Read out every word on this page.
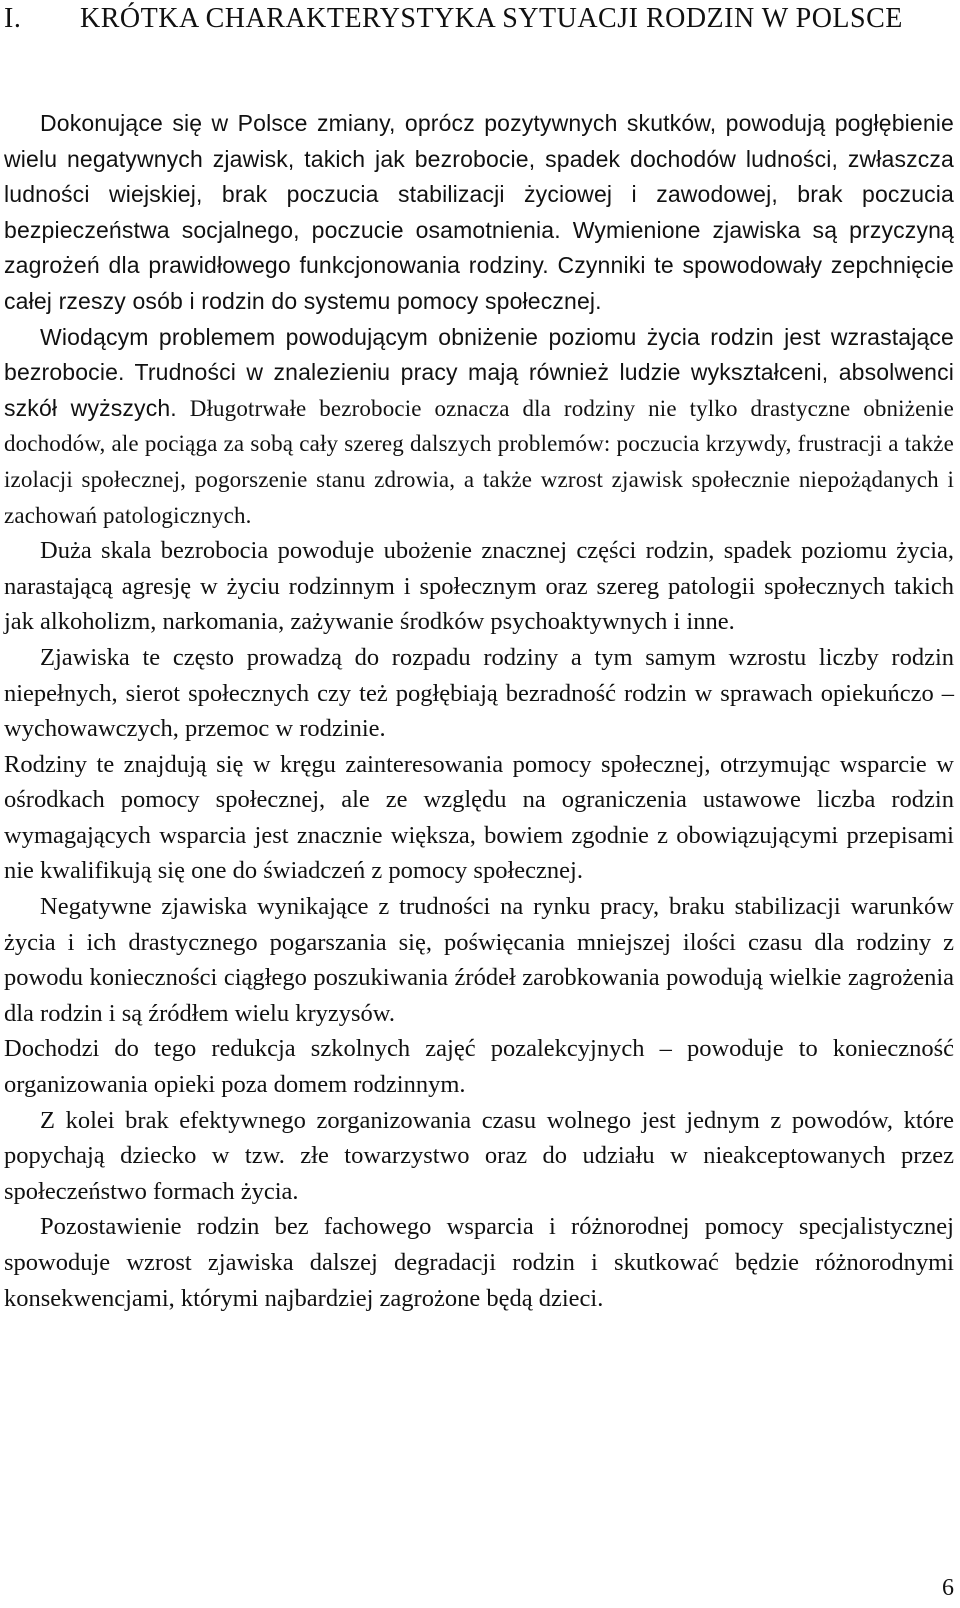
I. KRÓTKA CHARAKTERYSTYKA SYTUACJI RODZIN W POLSCE

Dokonujące się w Polsce zmiany, oprócz pozytywnych skutków, powodują pogłębienie wielu negatywnych zjawisk, takich jak bezrobocie, spadek dochodów ludności, zwłaszcza ludności wiejskiej, brak poczucia stabilizacji życiowej i zawodowej, brak poczucia bezpieczeństwa socjalnego, poczucie osamotnienia. Wymienione zjawiska są przyczyną zagrożeń dla prawidłowego funkcjonowania rodziny. Czynniki te spowodowały zepchnięcie całej rzeszy osób i rodzin do systemu pomocy społecznej.

Wiodącym problemem powodującym obniżenie poziomu życia rodzin jest wzrastające bezrobocie. Trudności w znalezieniu pracy mają również ludzie wykształceni, absolwenci szkół wyższych. Długotrwałe bezrobocie oznacza dla rodziny nie tylko drastyczne obniżenie dochodów, ale pociąga za sobą cały szereg dalszych problemów: poczucia krzywdy, frustracji a także izolacji społecznej, pogorszenie stanu zdrowia, a także wzrost zjawisk społecznie niepożądanych i zachowań patologicznych.

Duża skala bezrobocia powoduje ubożenie znacznej części rodzin, spadek poziomu życia, narastającą agresję w życiu rodzinnym i społecznym oraz szereg patologii społecznych takich jak alkoholizm, narkomania, zażywanie środków psychoaktywnych i inne.

Zjawiska te często prowadzą do rozpadu rodziny a tym samym wzrostu liczby rodzin niepełnych, sierot społecznych czy też pogłębiają bezradność rodzin w sprawach opiekuńczo – wychowawczych, przemoc w rodzinie.

Rodziny te znajdują się w kręgu zainteresowania pomocy społecznej, otrzymując wsparcie w ośrodkach pomocy społecznej, ale ze względu na ograniczenia ustawowe liczba rodzin wymagających wsparcia jest znacznie większa, bowiem zgodnie z obowiązującymi przepisami nie kwalifikują się one do świadczeń z pomocy społecznej.

Negatywne zjawiska wynikające z trudności na rynku pracy, braku stabilizacji warunków życia i ich drastycznego pogarszania się, poświęcania mniejszej ilości czasu dla rodziny z powodu konieczności ciągłego poszukiwania źródeł zarobkowania powodują wielkie zagrożenia dla rodzin i są źródłem wielu kryzysów.

Dochodzi do tego redukcja szkolnych zajęć pozalekcyjnych – powoduje to konieczność organizowania opieki poza domem rodzinnym.

Z kolei brak efektywnego zorganizowania czasu wolnego jest jednym z powodów, które popychają dziecko w tzw. złe towarzystwo oraz do udziału w nieakceptowanych przez społeczeństwo formach życia.

Pozostawienie rodzin bez fachowego wsparcia i różnorodnej pomocy specjalistycznej spowoduje wzrost zjawiska dalszej degradacji rodzin i skutkować będzie różnorodnymi konsekwencjami, którymi najbardziej zagrożone będą dzieci.

6
